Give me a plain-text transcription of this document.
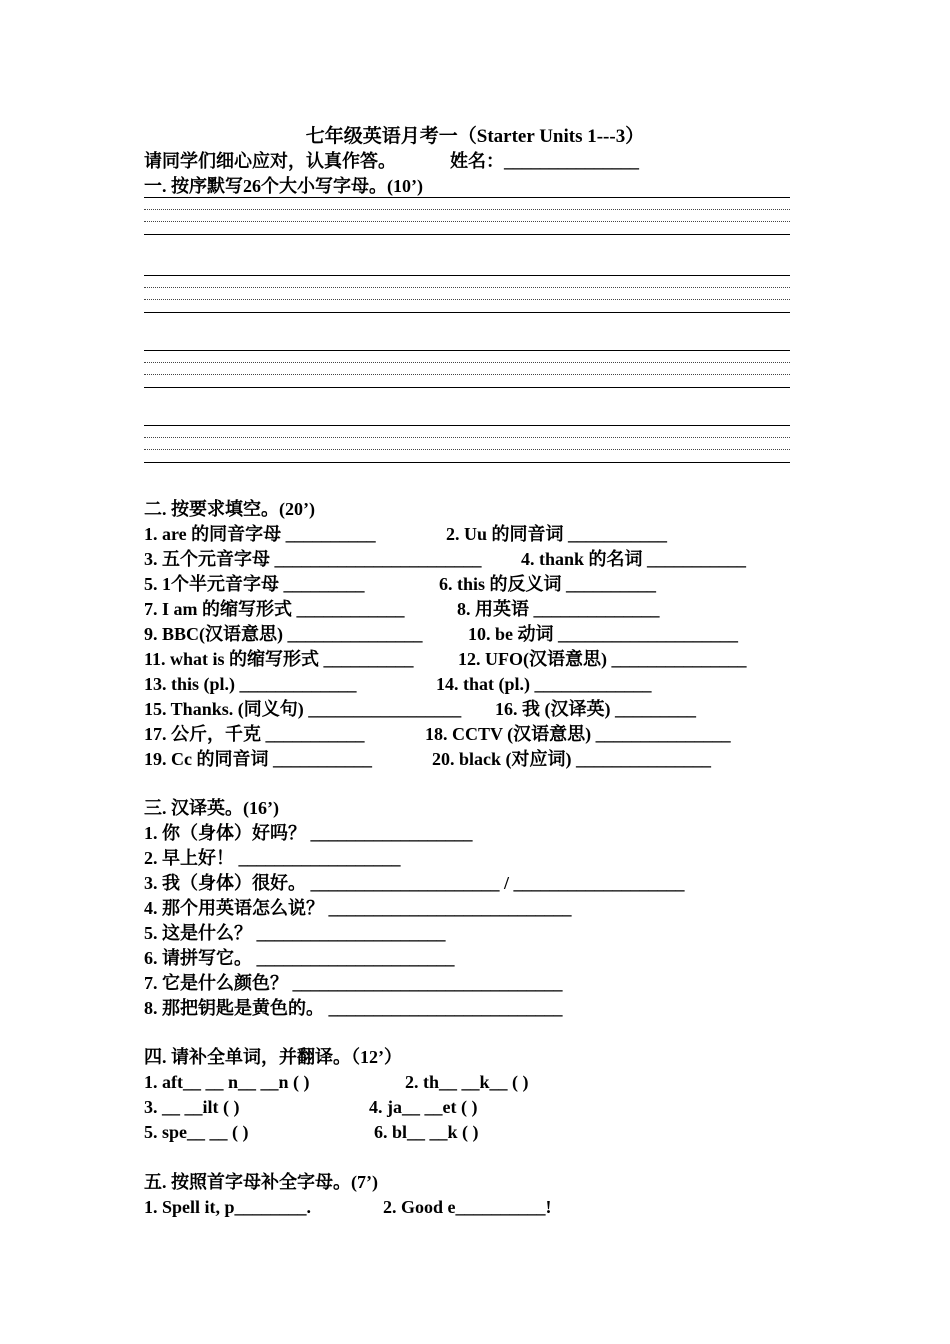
七年级英语月考一（Starter Units 1---3）
请同学们细心应对，认真作答。	姓名：_______________
一. 按序默写26个大小写字母。(10’)
二. 按要求填空。(20’)
1. are 的同音字母 __________	2. Uu 的同音词 ___________
3. 五个元音字母 _______________________ 4. thank 的名词 ___________
5. 1个半元音字母 _________	6. this 的反义词 __________
7. I am 的缩写形式 ____________	8. 用英语 ______________
9. BBC(汉语意思) _______________	10. be 动词 ____________________
11. what is 的缩写形式 __________ 12. UFO(汉语意思) _______________
13. this (pl.) _____________	14. that (pl.) _____________
15. Thanks. (同义句) _________________ 16. 我 (汉译英) _________
17. 公斤，千克 ___________	18. CCTV (汉语意思) _______________
19. Cc 的同音词 ___________	20. black (对应词) _______________
三. 汉译英。(16’)
1. 你（身体）好吗？ __________________
2. 早上好！ __________________
3. 我（身体）很好。 _____________________ / ___________________
4. 那个用英语怎么说？ ___________________________
5. 这是什么？ _____________________
6. 请拼写它。 ______________________
7. 它是什么颜色？ ______________________________
8. 那把钥匙是黄色的。 __________________________
四. 请补全单词，并翻译。（12’）
1. aft__ __ n__ __n ( )	2. th__ __k__ ( )
3. __ __ilt ( )	4. ja__ __et ( )
5. spe__ __ ( )	6. bl__ __k ( )
五. 按照首字母补全字母。(7’)
1. Spell it, p________.	2. Good e__________!
